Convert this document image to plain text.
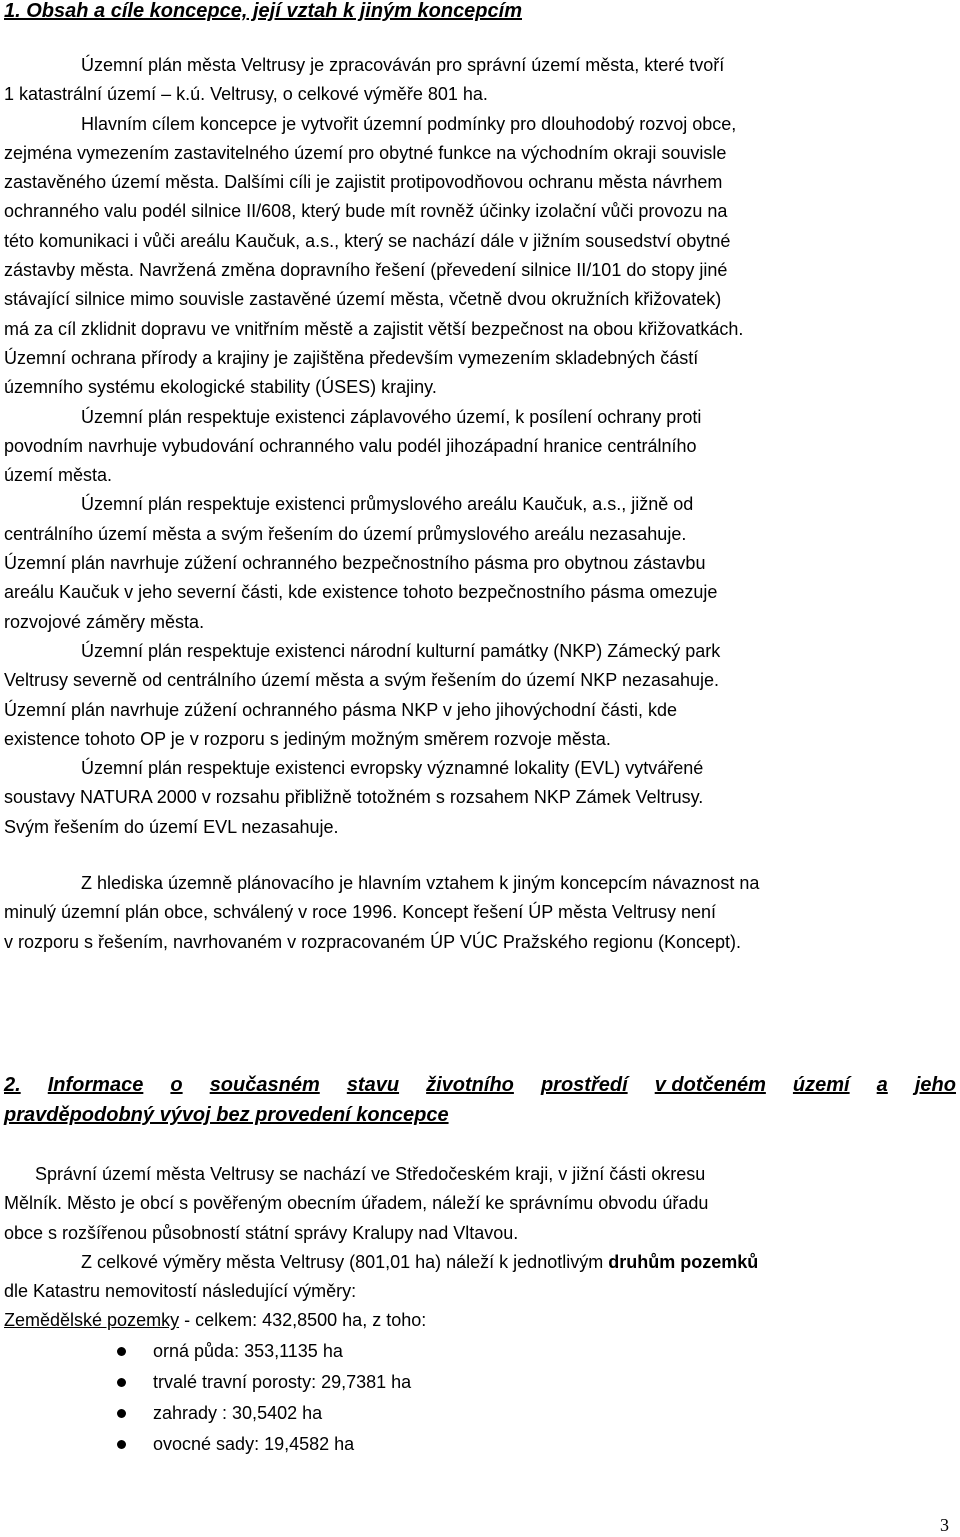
1. Obsah a cíle koncepce, její vztah k jiným koncepcím

Územní plán města Veltrusy je zpracováván pro správní území města, které tvoří

1 katastrální území – k.ú. Veltrusy, o celkové výměře 801 ha.

Hlavním cílem koncepce je vytvořit územní podmínky pro dlouhodobý rozvoj obce,

zejména vymezením zastavitelného území pro obytné funkce na východním okraji souvisle

zastavěného území města. Dalšími cíli je zajistit protipovodňovou ochranu města návrhem

ochranného valu podél silnice II/608, který bude mít rovněž účinky izolační vůči provozu na

této komunikaci i vůči areálu Kaučuk, a.s., který se nachází dále v jižním sousedství obytné

zástavby města. Navržená změna dopravního řešení (převedení silnice II/101 do stopy jiné

stávající silnice mimo souvisle zastavěné území města, včetně dvou okružních křižovatek)

má za cíl zklidnit dopravu ve vnitřním městě a zajistit větší bezpečnost na obou křižovatkách.

Územní ochrana přírody a krajiny je zajištěna především vymezením skladebných částí

územního systému ekologické stability (ÚSES) krajiny.

Územní plán respektuje existenci záplavového území, k posílení ochrany proti

povodním navrhuje vybudování ochranného valu podél jihozápadní hranice centrálního

území města.

Územní plán respektuje existenci průmyslového areálu Kaučuk, a.s., jižně od

centrálního území města a svým řešením do území průmyslového areálu nezasahuje.

Územní plán navrhuje zúžení ochranného bezpečnostního pásma pro obytnou zástavbu

areálu Kaučuk v jeho severní části, kde existence tohoto bezpečnostního pásma omezuje

rozvojové záměry města.

Územní plán respektuje existenci národní kulturní památky (NKP) Zámecký park

Veltrusy severně od centrálního území města a svým řešením do území NKP nezasahuje.

Územní plán navrhuje zúžení ochranného pásma NKP v jeho jihovýchodní části, kde

existence tohoto OP je v rozporu s jediným možným směrem rozvoje města.

Územní plán respektuje existenci evropsky významné lokality (EVL) vytvářené

soustavy NATURA 2000 v rozsahu přibližně totožném s rozsahem NKP Zámek Veltrusy.

Svým řešením do území EVL nezasahuje.

Z hlediska územně plánovacího je hlavním vztahem k jiným koncepcím návaznost na

minulý územní plán obce, schválený v roce 1996. Koncept řešení ÚP města Veltrusy není

v rozporu s řešením, navrhovaném v rozpracovaném ÚP VÚC Pražského regionu (Koncept).

2. Informace o současném stavu životního prostředí v dotčeném území a jeho
pravděpodobný vývoj bez provedení koncepce

Správní území města Veltrusy se nachází ve Středočeském kraji, v jižní části okresu

Mělník. Město je obcí s pověřeným obecním úřadem, náleží ke správnímu obvodu úřadu

obce s rozšířenou působností státní správy Kralupy nad Vltavou.

Z celkové výměry města Veltrusy (801,01 ha) náleží k jednotlivým druhům pozemků

dle Katastru nemovitostí následující výměry:

Zemědělské pozemky - celkem: 432,8500 ha, z toho:

orná půda: 353,1135 ha
trvalé travní porosty: 29,7381 ha
zahrady : 30,5402 ha
ovocné sady: 19,4582 ha
3
